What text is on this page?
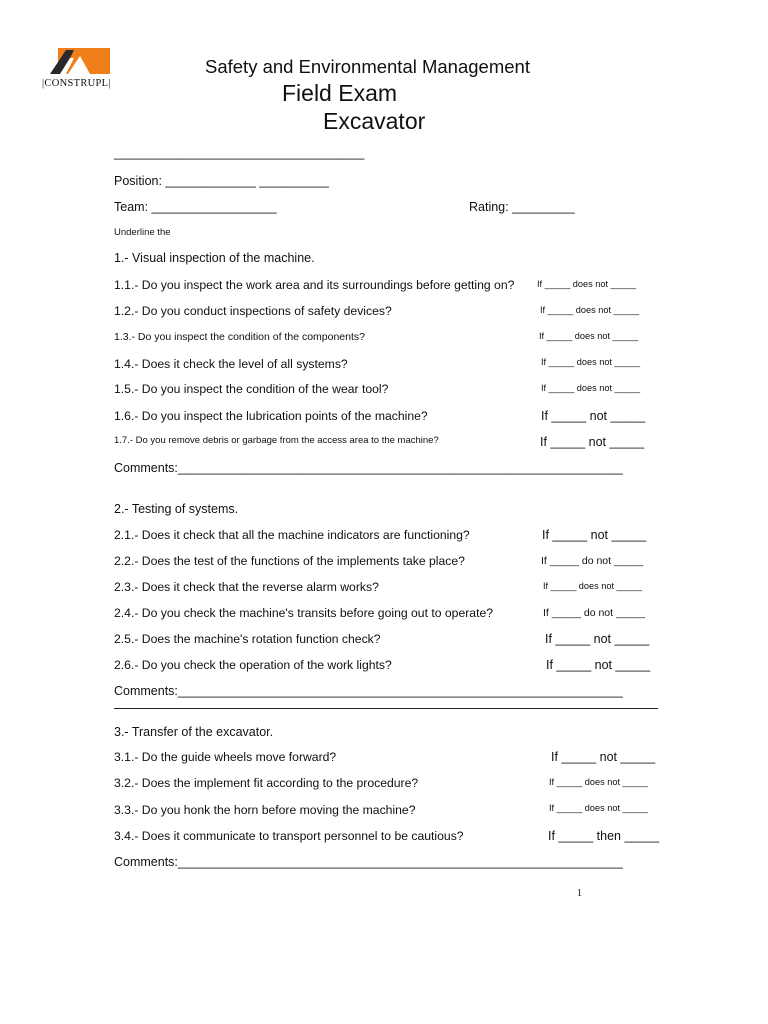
|CONSTRUPL|
Safety and Environmental Management
Field Exam
Excavator
____________________________________
Position: _____________ __________
Team: __________________	Rating: _________
Underline the
1.- Visual inspection of the machine.
1.1.- Do you inspect the work area and its surroundings before getting on? If _____ does not _____
1.2.- Do you conduct inspections of safety devices?	If _____ does not _____
1.3.- Do you inspect the condition of the components?	If _____ does not _____
1.4.- Does it check the level of all systems?	If _____ does not _____
1.5.- Do you inspect the condition of the wear tool?	If _____ does not _____
1.6.- Do you inspect the lubrication points of the machine?	If _____ not _____
1.7.- Do you remove debris or garbage from the access area to the machine?	If _____ not _____
Comments:________________________________________________________________
2.- Testing of systems.
2.1.- Does it check that all the machine indicators are functioning?	If _____ not _____
2.2.- Does the test of the functions of the implements take place?	If _____ do not _____
2.3.- Does it check that the reverse alarm works?	If _____ does not _____
2.4.- Do you check the machine's transits before going out to operate?	If _____ do not _____
2.5.- Does the machine's rotation function check?	If _____ not _____
2.6.- Do you check the operation of the work lights?	If _____ not _____
Comments:________________________________________________________________
3.- Transfer of the excavator.
3.1.- Do the guide wheels move forward?	If _____ not _____
3.2.- Does the implement fit according to the procedure?	If _____ does not _____
3.3.- Do you honk the horn before moving the machine?	If _____ does not _____
3.4.- Does it communicate to transport personnel to be cautious?	If _____ then _____
Comments:________________________________________________________________
1
